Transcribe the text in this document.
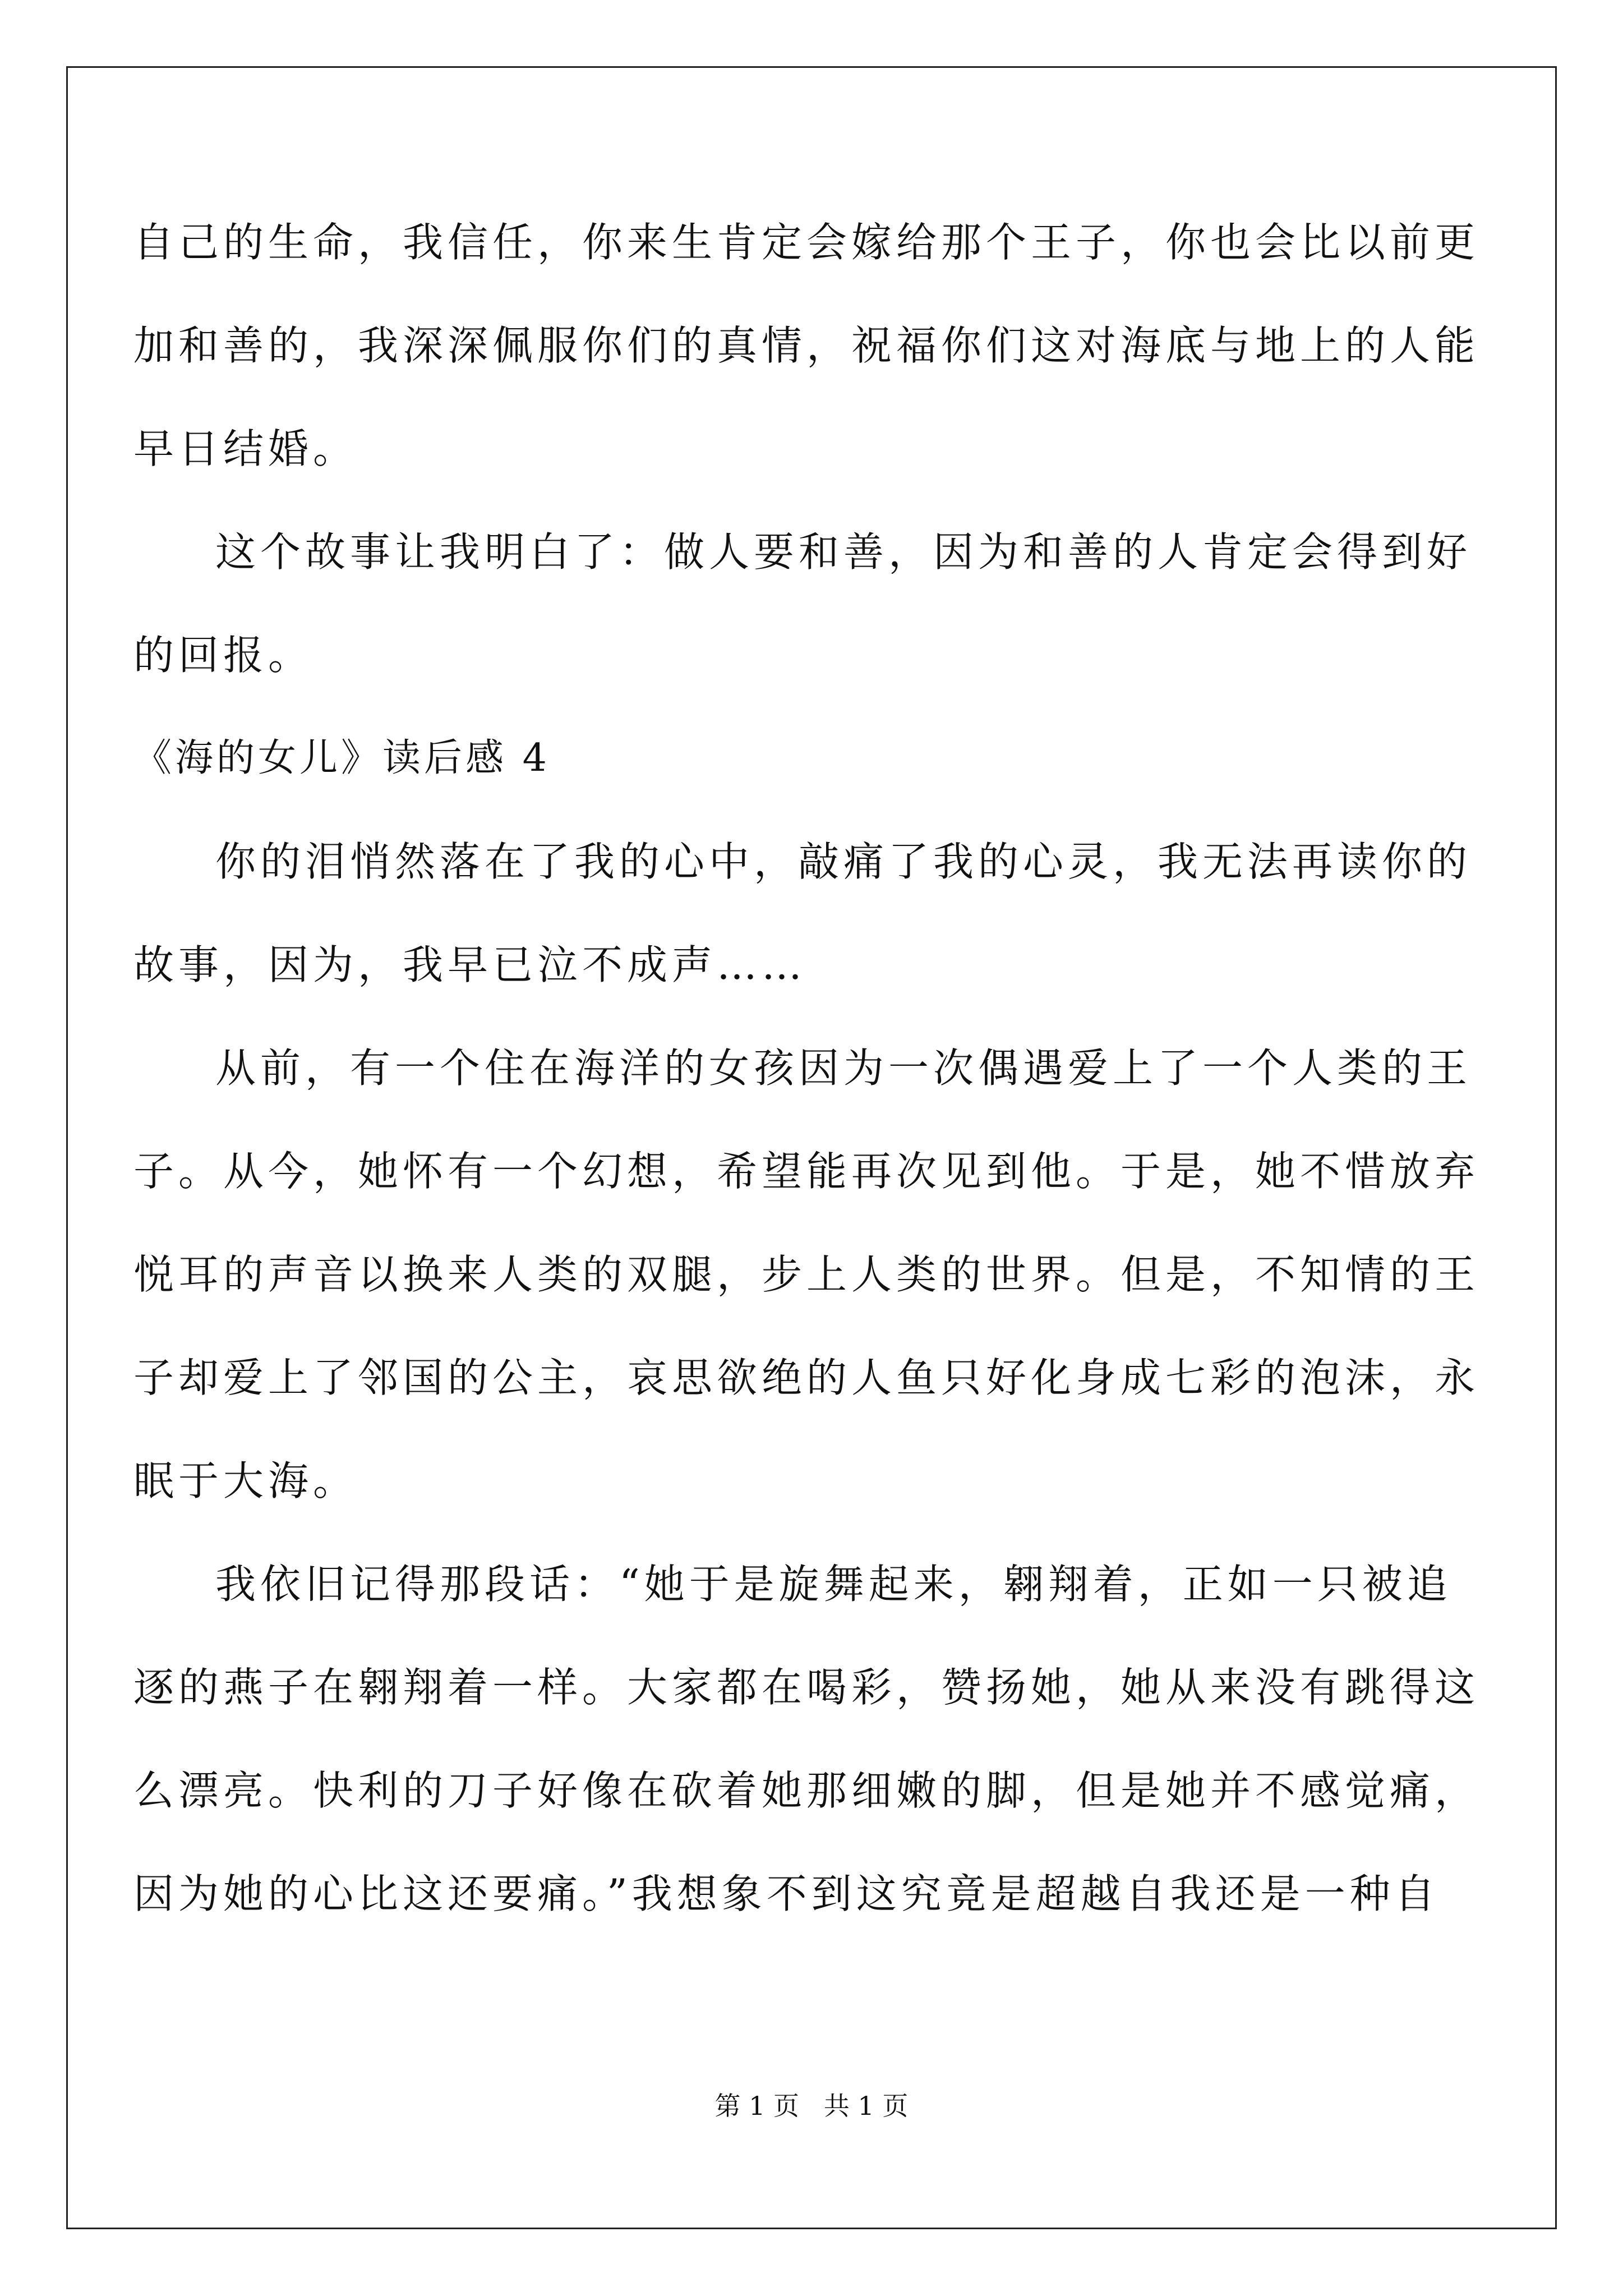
自己的生命，我信任，你来生肯定会嫁给那个王子，你也会比以前更
加和善的，我深深佩服你们的真情，祝福你们这对海底与地上的人能
早日结婚。
这个故事让我明白了：做人要和善，因为和善的人肯定会得到好
的回报。
《海的女儿》读后感 4
你的泪悄然落在了我的心中，敲痛了我的心灵，我无法再读你的
故事，因为，我早已泣不成声……
从前，有一个住在海洋的女孩因为一次偶遇爱上了一个人类的王
子。从今，她怀有一个幻想，希望能再次见到他。于是，她不惜放弃
悦耳的声音以换来人类的双腿，步上人类的世界。但是，不知情的王
子却爱上了邻国的公主，哀思欲绝的人鱼只好化身成七彩的泡沫，永
眠于大海。
我依旧记得那段话：“她于是旋舞起来，翱翔着，正如一只被追
逐的燕子在翱翔着一样。大家都在喝彩，赞扬她，她从来没有跳得这
么漂亮。快利的刀子好像在砍着她那细嫩的脚，但是她并不感觉痛，
因为她的心比这还要痛。”我想象不到这究竟是超越自我还是一种自
第 1 页   共 1 页
